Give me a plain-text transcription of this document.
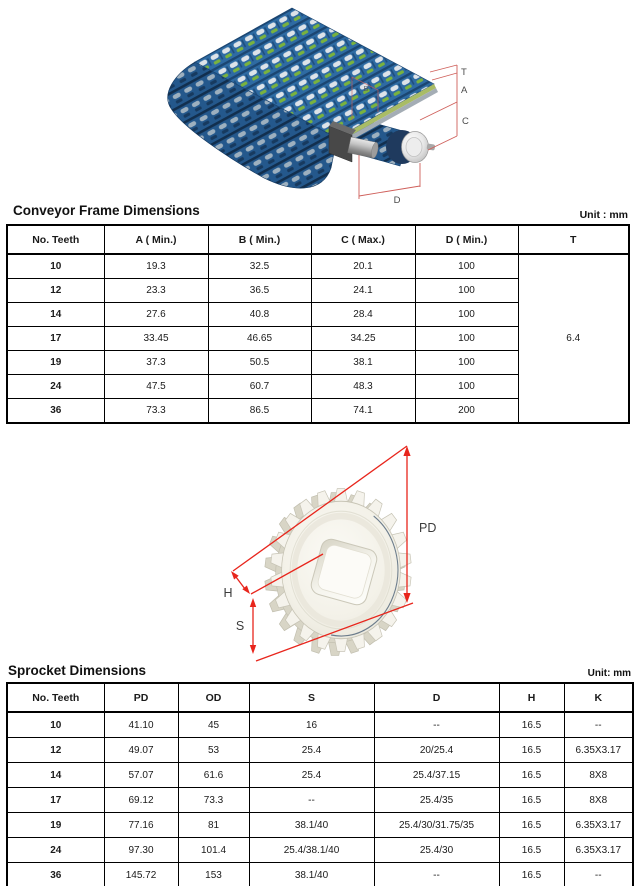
T
A
C
D
B
Conveyor Frame Dimensions	Unit : mm
No. Teeth	A ( Min.)	B ( Min.)	C ( Max.)	D ( Min.)	T
10	19.3	32.5	20.1	100	6.4
12	23.3	36.5	24.1	100	
14	27.6	40.8	28.4	100	
17	33.45	46.65	34.25	100	
19	37.3	50.5	38.1	100	
24	47.5	60.7	48.3	100	
36	73.3	86.5	74.1	200	
PD
H
S
Sprocket Dimensions	Unit: mm
No. Teeth	PD	OD	S	D	H	K
10	41.10	45	16	--	16.5	--
12	49.07	53	25.4	20/25.4	16.5	6.35X3.17
14	57.07	61.6	25.4	25.4/37.15	16.5	8X8
17	69.12	73.3	--	25.4/35	16.5	8X8
19	77.16	81	38.1/40	25.4/30/31.75/35	16.5	6.35X3.17
24	97.30	101.4	25.4/38.1/40	25.4/30	16.5	6.35X3.17
36	145.72	153	38.1/40	--	16.5	--
